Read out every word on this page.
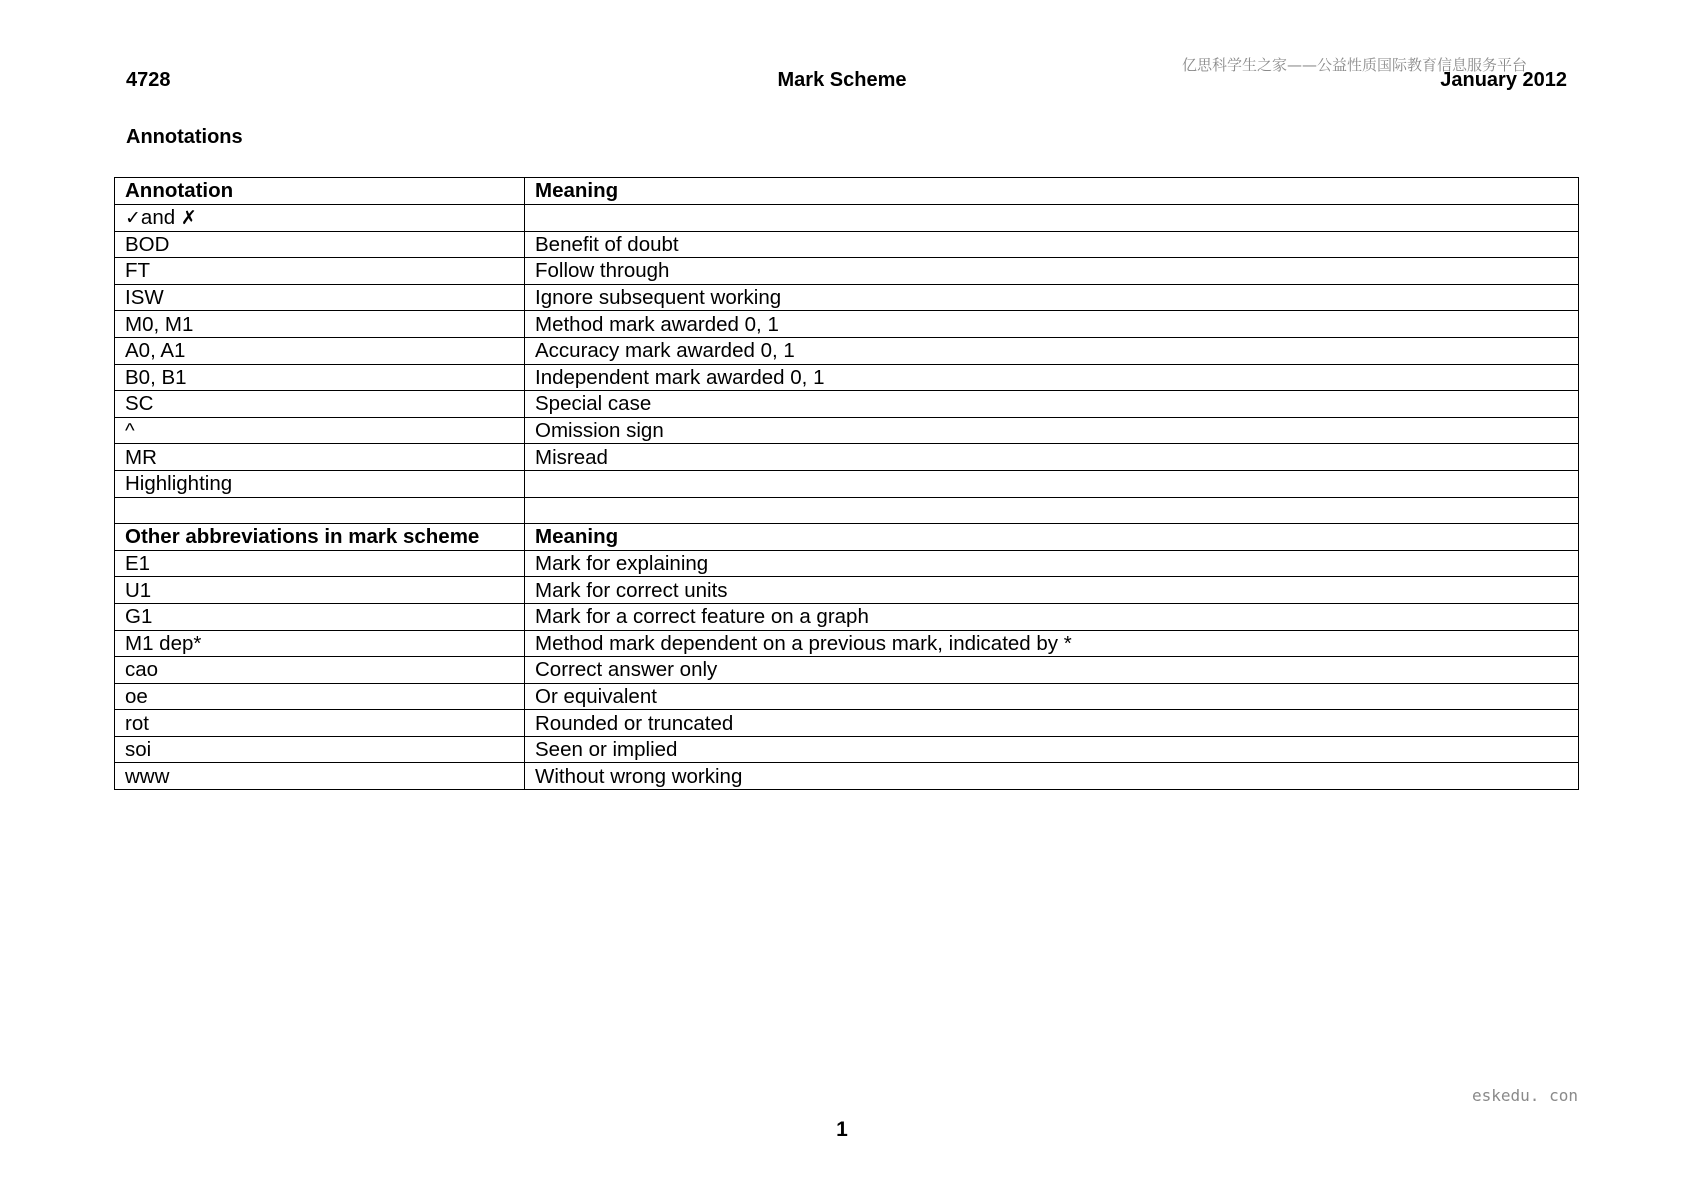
亿思科学生之家——公益性质国际教育信息服务平台
4728	Mark Scheme	January 2012
Annotations
Annotation	Meaning
✓and ✗	
BOD	Benefit of doubt
FT	Follow through
ISW	Ignore subsequent working
M0, M1	Method mark awarded 0, 1
A0, A1	Accuracy mark awarded 0, 1
B0, B1	Independent mark awarded 0, 1
SC	Special case
^	Omission sign
MR	Misread
Highlighting	

Other abbreviations in mark scheme	Meaning
E1	Mark for explaining
U1	Mark for correct units
G1	Mark for a correct feature on a graph
M1 dep*	Method mark dependent on a previous mark, indicated by *
cao	Correct answer only
oe	Or equivalent
rot	Rounded or truncated
soi	Seen or implied
www	Without wrong working
eskedu. con
1
